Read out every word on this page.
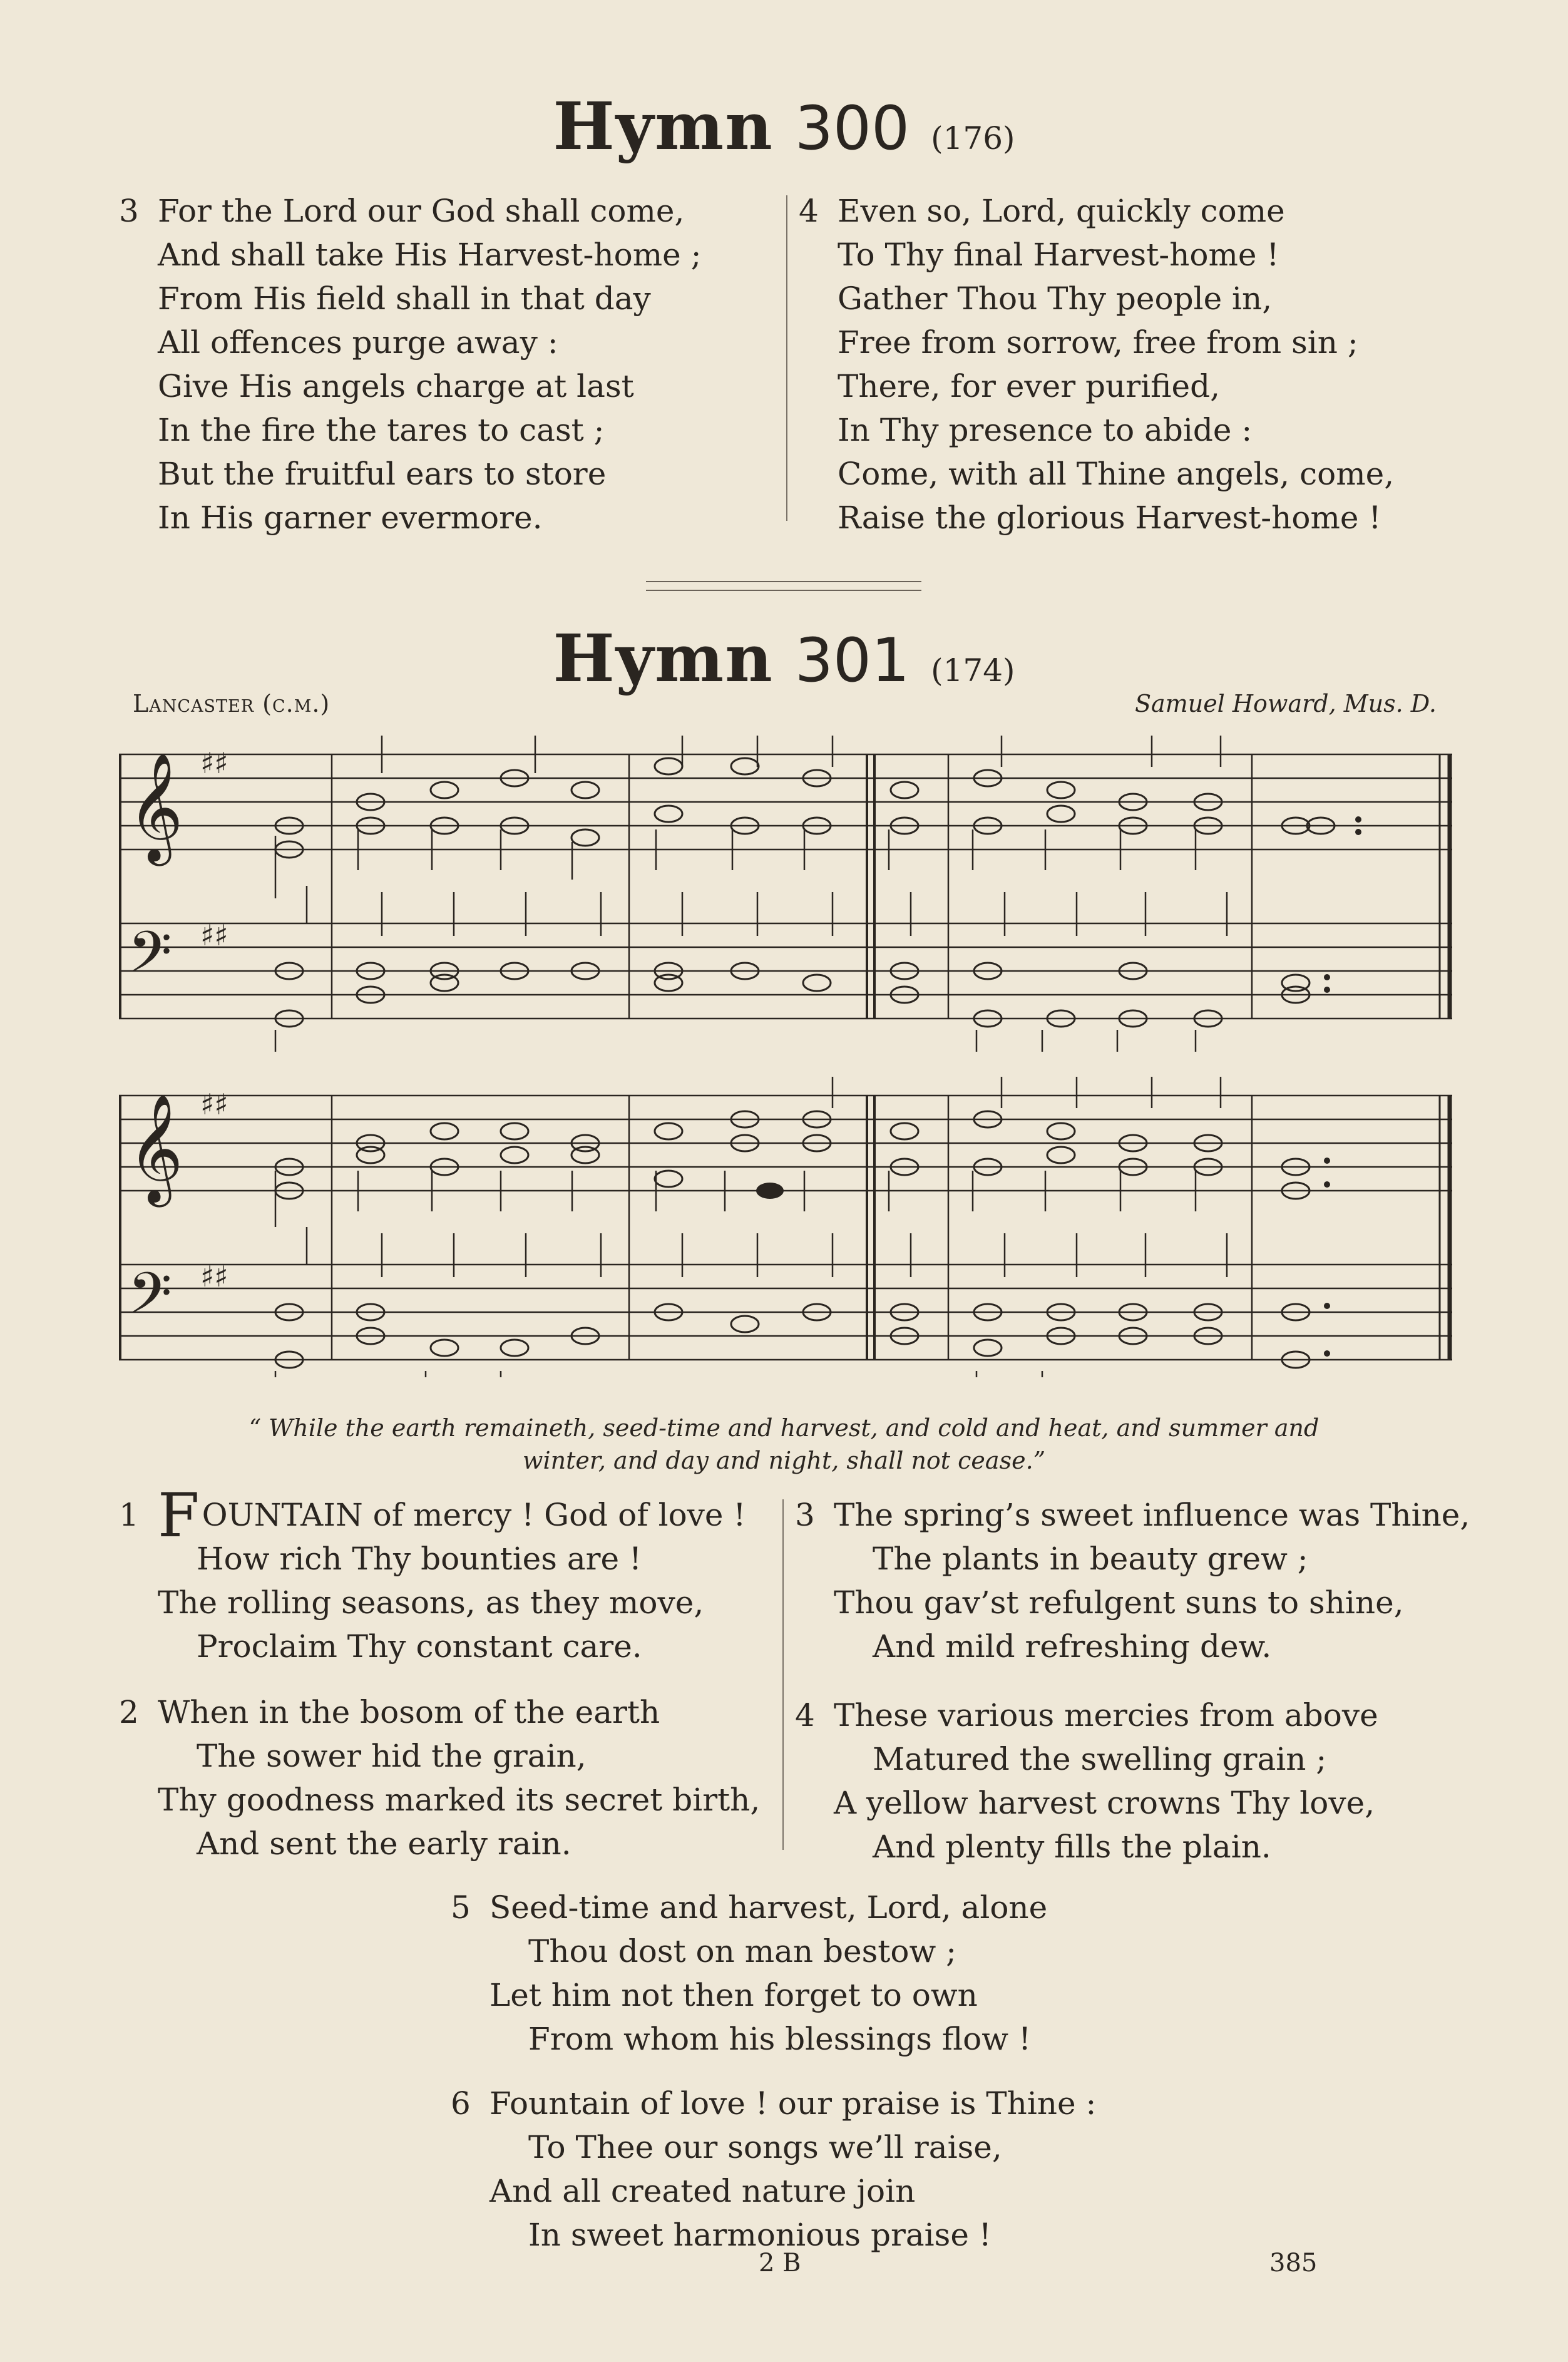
Hymn 300 (176)
3 For the Lord our God shall come,
And shall take His Harvest-home ;
From His field shall in that day
All offences purge away :
Give His angels charge at last
In the fire the tares to cast ;
But the fruitful ears to store
In His garner evermore.
4 Even so, Lord, quickly come
To Thy final Harvest-home !
Gather Thou Thy people in,
Free from sorrow, free from sin ;
There, for ever purified,
In Thy presence to abide :
Come, with all Thine angels, come,
Raise the glorious Harvest-home !
Hymn 301 (174)
Lancaster (c.m.)	Samuel Howard, Mus. D.
𝄞
𝄢
♯♯
♯♯
𝄞
𝄢
♯♯
♯♯
“ While the earth remaineth, seed-time and harvest, and cold and heat, and summer and
winter, and day and night, shall not cease.”
1 FOUNTAIN of mercy ! God of love !
How rich Thy bounties are !
The rolling seasons, as they move,
Proclaim Thy constant care.
2 When in the bosom of the earth
The sower hid the grain,
Thy goodness marked its secret birth,
And sent the early rain.
3 The spring’s sweet influence was Thine,
The plants in beauty grew ;
Thou gav’st refulgent suns to shine,
And mild refreshing dew.
4 These various mercies from above
Matured the swelling grain ;
A yellow harvest crowns Thy love,
And plenty fills the plain.
5 Seed-time and harvest, Lord, alone
Thou dost on man bestow ;
Let him not then forget to own
From whom his blessings flow !
6 Fountain of love ! our praise is Thine :
To Thee our songs we’ll raise,
And all created nature join
In sweet harmonious praise !
2 B	385
